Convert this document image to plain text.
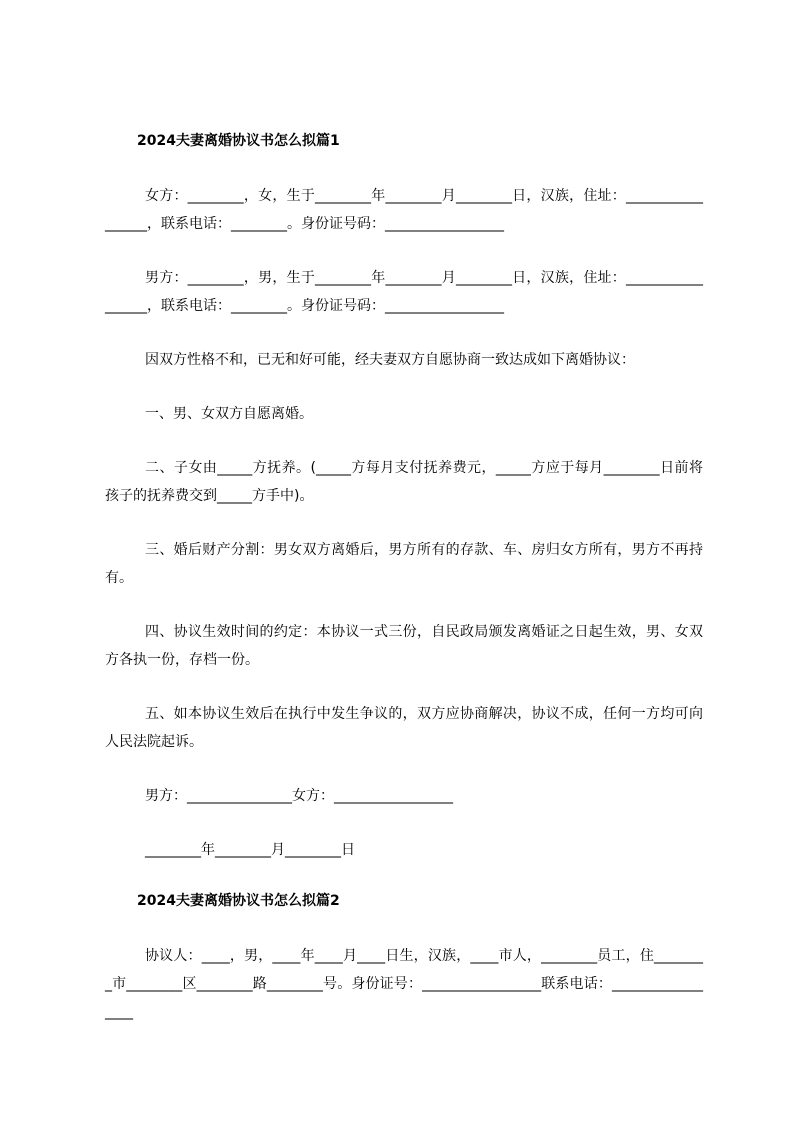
2024夫妻离婚协议书怎么拟篇1

女方：________，女，生于________年________月________日，汉族，住址：_________________，联系电话：________。身份证号码：_________________

男方：________，男，生于________年________月________日，汉族，住址：_________________，联系电话：________。身份证号码：_________________

因双方性格不和，已无和好可能，经夫妻双方自愿协商一致达成如下离婚协议：

一、男、女双方自愿离婚。

二、子女由_____方抚养。(_____方每月支付抚养费元，_____方应于每月________日前将孩子的抚养费交到_____方手中)。

三、婚后财产分割：男女双方离婚后，男方所有的存款、车、房归女方所有，男方不再持有。

四、协议生效时间的约定：本协议一式三份，自民政局颁发离婚证之日起生效，男、女双方各执一份，存档一份。

五、如本协议生效后在执行中发生争议的，双方应协商解决，协议不成，任何一方均可向人民法院起诉。

男方：_______________女方：_________________

________年________月________日

2024夫妻离婚协议书怎么拟篇2

协议人：____，男，____年____月____日生，汉族，____市人，________员工，住________市________区________路________号。身份证号：_________________联系电话：_________________
